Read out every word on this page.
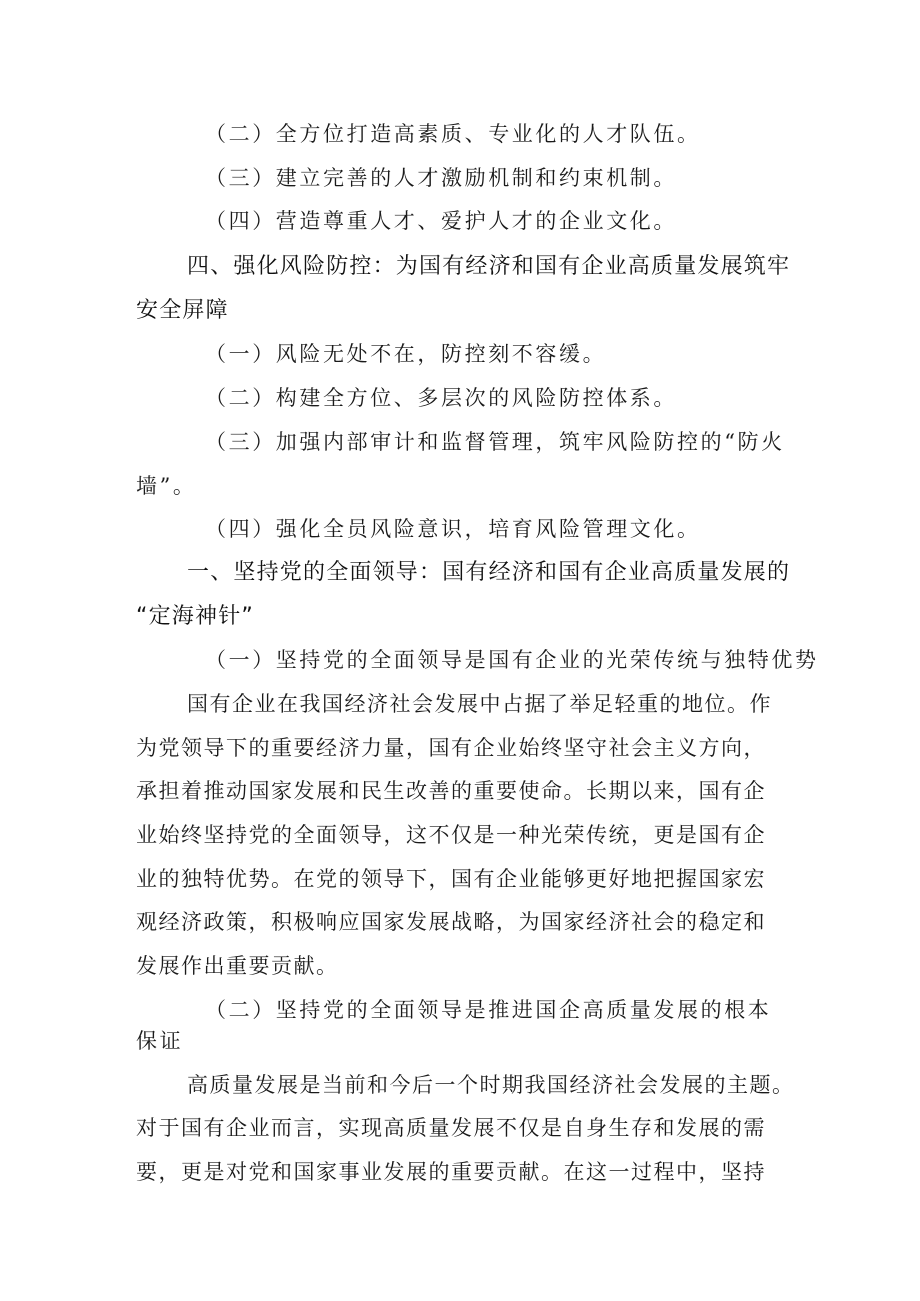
（二）全方位打造高素质、专业化的人才队伍。
（三）建立完善的人才激励机制和约束机制。
（四）营造尊重人才、爱护人才的企业文化。
四、强化风险防控：为国有经济和国有企业高质量发展筑牢
安全屏障
（一）风险无处不在，防控刻不容缓。
（二）构建全方位、多层次的风险防控体系。
（三）加强内部审计和监督管理，筑牢风险防控的“防火
墙”。
（四）强化全员风险意识，培育风险管理文化。
一、坚持党的全面领导：国有经济和国有企业高质量发展的
“定海神针”
（一）坚持党的全面领导是国有企业的光荣传统与独特优势
国有企业在我国经济社会发展中占据了举足轻重的地位。作
为党领导下的重要经济力量，国有企业始终坚守社会主义方向，
承担着推动国家发展和民生改善的重要使命。长期以来，国有企
业始终坚持党的全面领导，这不仅是一种光荣传统，更是国有企
业的独特优势。在党的领导下，国有企业能够更好地把握国家宏
观经济政策，积极响应国家发展战略，为国家经济社会的稳定和
发展作出重要贡献。
（二）坚持党的全面领导是推进国企高质量发展的根本
保证
高质量发展是当前和今后一个时期我国经济社会发展的主题。
对于国有企业而言，实现高质量发展不仅是自身生存和发展的需
要，更是对党和国家事业发展的重要贡献。在这一过程中，坚持
